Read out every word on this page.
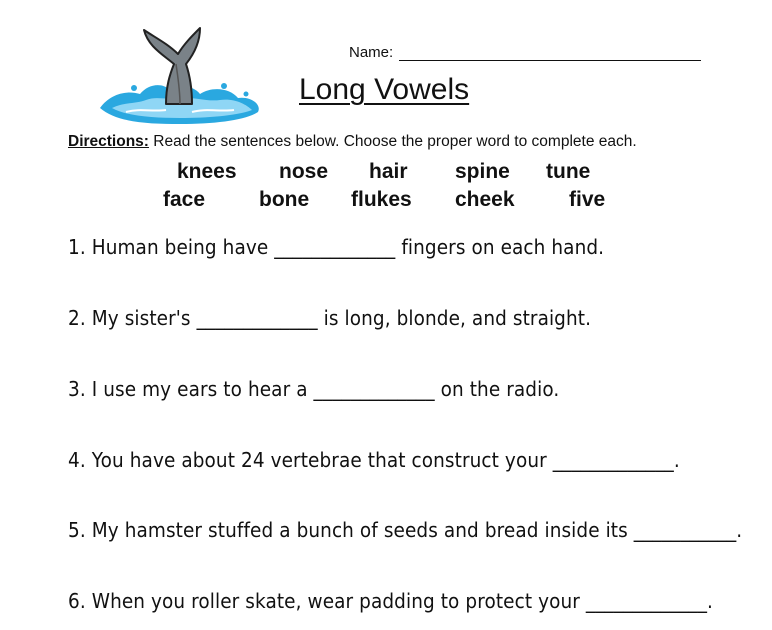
Name:
Long Vowels
Directions: Read the sentences below. Choose the proper word to complete each.
knees nose hair spine tune
face	bone flukes cheek	five
1. Human being have _____________ fingers on each hand.
2. My sister's _____________ is long, blonde, and straight.
3. I use my ears to hear a _____________ on the radio.
4. You have about 24 vertebrae that construct your _____________.
5. My hamster stuffed a bunch of seeds and bread inside its ___________.
6. When you roller skate, wear padding to protect your _____________.
